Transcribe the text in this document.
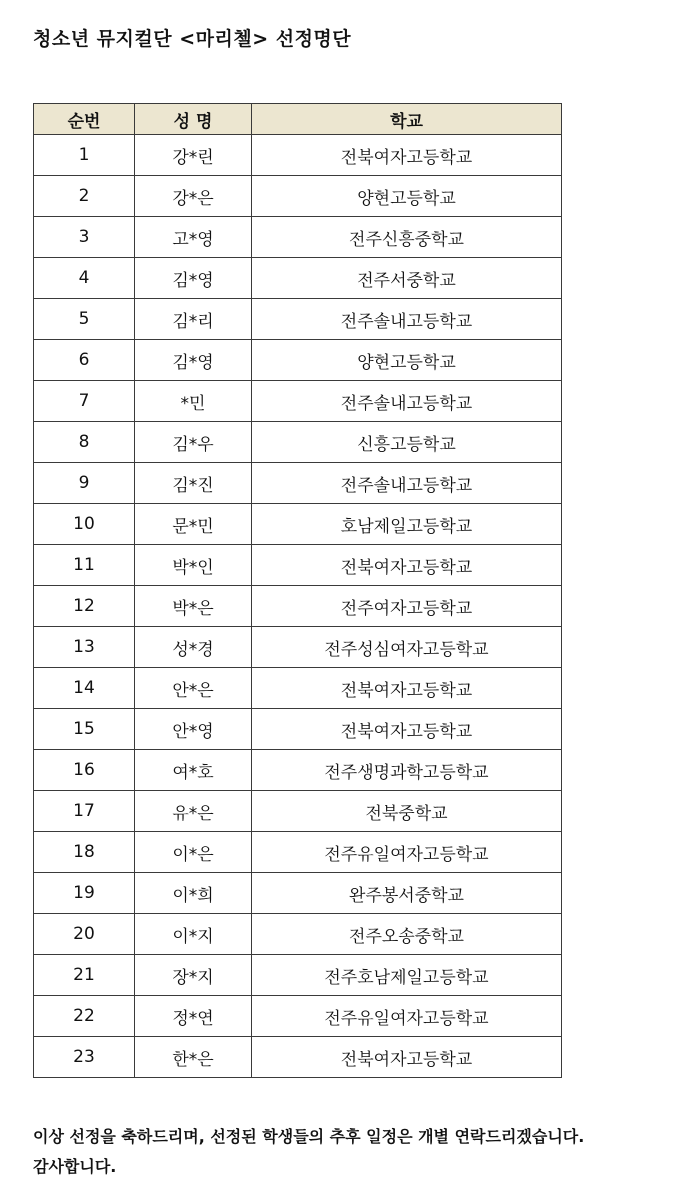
청소년 뮤지컬단 <마리첼> 선정명단
순번	성 명	학교
1	강*린	전북여자고등학교
2	강*은	양현고등학교
3	고*영	전주신흥중학교
4	김*영	전주서중학교
5	김*리	전주솔내고등학교
6	김*영	양현고등학교
7	*민	전주솔내고등학교
8	김*우	신흥고등학교
9	김*진	전주솔내고등학교
10	문*민	호남제일고등학교
11	박*인	전북여자고등학교
12	박*은	전주여자고등학교
13	성*경	전주성심여자고등학교
14	안*은	전북여자고등학교
15	안*영	전북여자고등학교
16	여*호	전주생명과학고등학교
17	유*은	전북중학교
18	이*은	전주유일여자고등학교
19	이*희	완주봉서중학교
20	이*지	전주오송중학교
21	장*지	전주호남제일고등학교
22	정*연	전주유일여자고등학교
23	한*은	전북여자고등학교

이상 선정을 축하드리며, 선정된 학생들의 추후 일정은 개별 연락드리겠습니다.

감사합니다.
